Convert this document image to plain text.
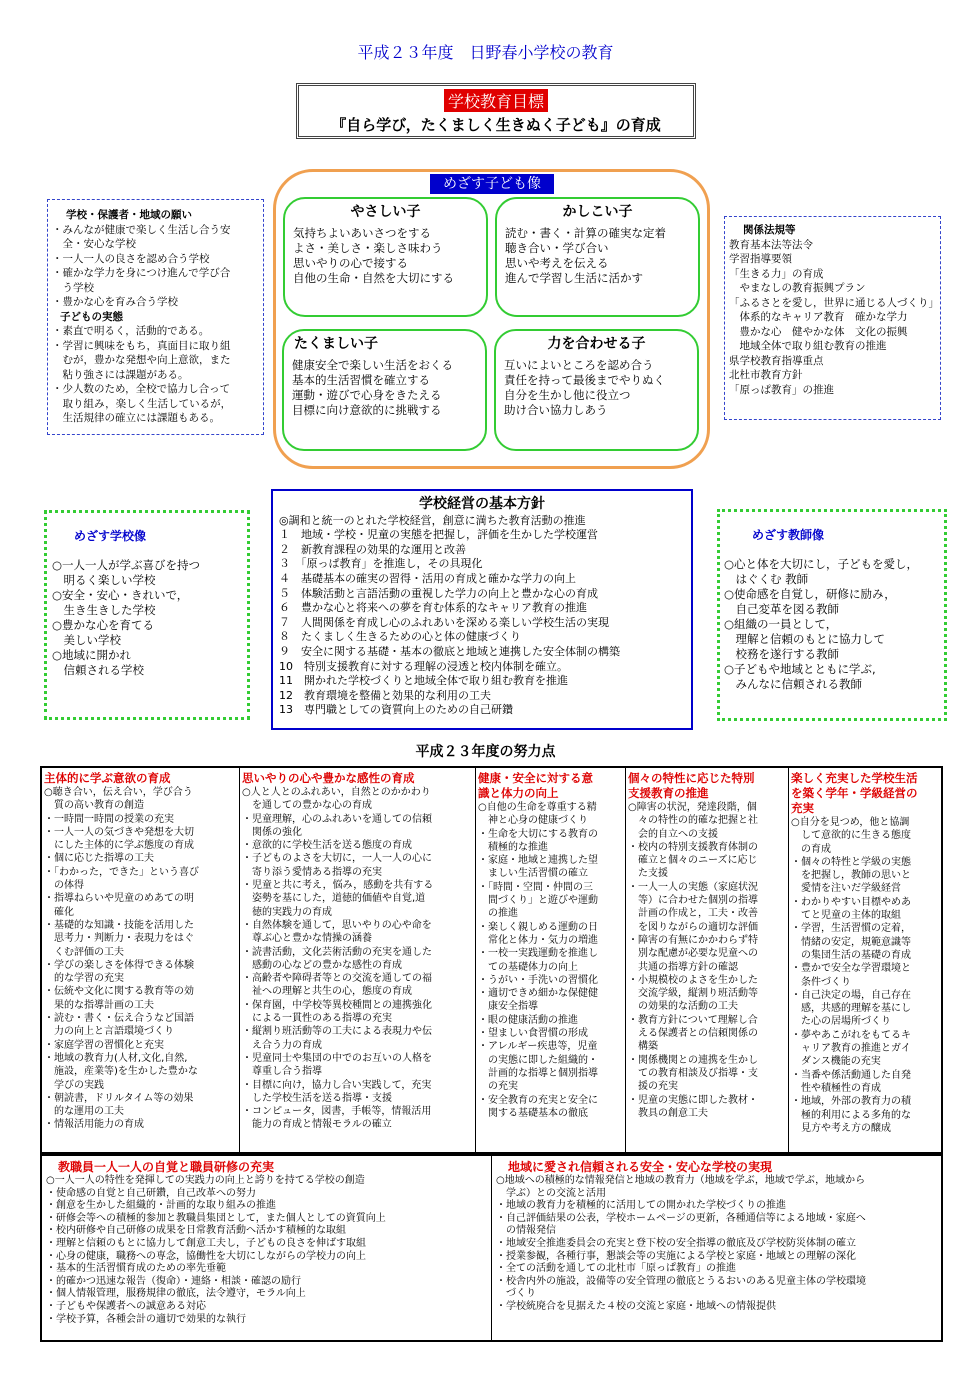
平成２３年度　日野春小学校の教育
学校教育目標
『自ら学び，たくましく生きぬく子ども』の育成
学校・保護者・地域の願い
・みんなが健康で楽しく生活し合う安
　全・安心な学校
・一人一人の良さを認め合う学校
・確かな学力を身につけ進んで学び合
　う学校
・豊かな心を育み合う学校
子どもの実態
・素直で明るく，活動的である。
・学習に興味をもち，真面目に取り組
　むが，豊かな発想や向上意欲，また
　粘り強さには課題がある。
・少人数のため，全校で協力し合って
　取り組み，楽しく生活しているが，
　生活規律の確立には課題もある。
めざす子ども像
やさしい子
気持ちよいあいさつをする
よさ・美しさ・楽しさ味わう
思いやりの心で接する
自他の生命・自然を大切にする
かしこい子
読む・書く・計算の確実な定着
聴き合い・学び合い
思いや考えを伝える
進んで学習し生活に活かす
たくましい子
健康安全で楽しい生活をおくる
基本的生活習慣を確立する
運動・遊びで心身をきたえる
目標に向け意欲的に挑戦する
力を合わせる子
互いによいところを認め合う
責任を持って最後までやりぬく
自分を生かし他に役立つ
助け合い協力しあう
関係法規等
教育基本法等法令
学習指導要領
「生きる力」の育成
　やまなしの教育振興プラン
「ふるさとを愛し，世界に通じる人づくり」
　体系的なキャリア教育　確かな学力
　豊かな心　健やかな体　文化の振興
　地域全体で取り組む教育の推進
県学校教育指導重点
北杜市教育方針
「原っぱ教育」の推進
めざす学校像
○一人一人が学ぶ喜びを持つ
　明るく楽しい学校
○安全・安心・きれいで，
　生き生きした学校
○豊かな心を育てる
　美しい学校
○地域に開かれ
　信頼される学校
学校経営の基本方針
◎調和と統一のとれた学校経営，創意に満ちた教育活動の推進
１　地域・学校・児童の実態を把握し，評価を生かした学校運営
２　新教育課程の効果的な運用と改善
３　「原っぱ教育」を推進し，その具現化
４　基礎基本の確実の習得・活用の育成と確かな学力の向上
５　体験活動と言語活動の重視した学力の向上と豊かな心の育成
６　豊かな心と将来への夢を育む体系的なキャリア教育の推進
７　人間関係を育成し心のふれあいを深める楽しい学校生活の実現
８　たくましく生きるための心と体の健康づくり
９　安全に関する基礎・基本の徹底と地域と連携した安全体制の構築
10　特別支援教育に対する理解の浸透と校内体制を確立。
11　開かれた学校づくりと地域全体で取り組む教育を推進
12　教育環境を整備と効果的な利用の工夫
13　専門職としての資質向上のための自己研鑽
めざす教師像
○心と体を大切にし，子どもを愛し，
　はぐくむ 教師
○使命感を自覚し，研修に励み，
　自己変革を図る教師
○組織の一員として，
　理解と信頼のもとに協力して
　校務を遂行する教師
○子どもや地域とともに学ぶ,
　みんなに信頼される教師
平成２３年度の努力点
主体的に学ぶ意欲の育成
○聴き合い，伝え合い，学び合う
　質の高い教育の創造
・一時間一時間の授業の充実
・一人一人の気づきや発想を大切
　にした主体的に学ぶ態度の育成
・個に応じた指導の工夫
・「わかった，できた」という喜び
　の体得
・指導ねらいや児童のめあての明
　確化
・基礎的な知識・技能を活用した
　思考力・判断力・表現力をはぐ
　くむ評価の工夫
・学びの楽しさを体得できる体験
　的な学習の充実
・伝統や文化に関する教育等の効
　果的な指導計画の工夫
・読む・書く・伝え合うなど国語
　力の向上と言語環境づくり
・家庭学習の習慣化と充実
・地域の教育力(人材,文化,自然,
　施設，産業等)を生かした豊かな
　学びの実践
・朝読書，ドリルタイム等の効果
　的な運用の工夫
・情報活用能力の育成
思いやりの心や豊かな感性の育成
○人と人とのふれあい，自然とのかかわり
　を通しての豊かな心の育成
・児童理解，心のふれあいを通しての信頼
　関係の強化
・意欲的に学校生活を送る態度の育成
・子どものよさを大切に，一人一人の心に
　寄り添う愛情ある指導の充実
・児童と共に考え，悩み，感動を共有する
　姿勢を基にした，道徳的価値や自覚,道
　徳的実践力の育成
・自然体験を通して，思いやりの心や命を
　尊ぶ心と豊かな情操の涵養
・読書活動，文化芸術活動の充実を通した
　感動の心などの豊かな感性の育成
・高齢者や障碍者等との交流を通しての福
　祉への理解と共生の心，態度の育成
・保育園，中学校等異校種間との連携強化
　による一貫性のある指導の充実
・縦割り班活動等の工夫による表現力や伝
　え合う力の育成
・児童同士や集団の中でのお互いの人格を
　尊重し合う指導
・目標に向け，協力し合い実践して，充実
　した学校生活を送る指導・支援
・コンピュータ，図書，手帳等，情報活用
　能力の育成と情報モラルの確立
健康・安全に対する意
識と体力の向上
○自他の生命を尊重する精
　神と心身の健康づくり
・生命を大切にする教育の
　積極的な推進
・家庭・地域と連携した望
　ましい生活習慣の確立
・「時間・空間・仲間の三
　間づくり」と遊びや運動
　の推進
・楽しく親しめる運動の日
　常化と体力・気力の増進
・一校一実践運動を推進し
　ての基礎体力の向上
・うがい・手洗いの習慣化
・適切できめ細かな保健健
　康安全指導
・眼の健康活動の推進
・望ましい食習慣の形成
・アレルギー疾患等，児童
　の実態に即した組織的・
　計画的な指導と個別指導
　の充実
・安全教育の充実と安全に
　関する基礎基本の徹底
個々の特性に応じた特別
支援教育の推進
○障害の状況，発達段階，個
　々の特性の的確な把握と社
　会的自立への支援
・校内の特別支援教育体制の
　確立と個々のニーズに応じ
　た支援
・一人一人の実態（家庭状況
　等）に合わせた個別の指導
　計画の作成と，工夫・改善
　を図りながらの適切な評価
・障害の有無にかかわらず特
　別な配慮が必要な児童への
　共通の指導方針の確認
・小規模校のよさを生かした
　交流学級，縦割り班活動等
　の効果的な活動の工夫
・教育方針について理解し合
　える保護者との信頼関係の
　構築
・関係機関との連携を生かし
　ての教育相談及び指導・支
　援の充実
・児童の実態に即した教材・
　教具の創意工夫
楽しく充実した学校生活
を築く学年・学級経営の
充実
○自分を見つめ，他と協調
　して意欲的に生きる態度
　の育成
・個々の特性と学級の実態
　を把握し，教師の思いと
　愛情を注いだ学級経営
・わかりやすい目標やめあ
　てと児童の主体的取組
・学習，生活習慣の定着，
　情緒の安定，規範意識等
　の集団生活の基礎の育成
・豊かで安全な学習環境と
　条件づくり
・自己決定の場，自己存在
　感，共感的理解を基にし
　た心の居場所づくり
・夢やあこがれをもてるキ
　ャリア教育の推進とガイ
　ダンス機能の充実
・当番や係活動通した自発
　性や積極性の育成
・地域，外部の教育力の積
　極的利用による多角的な
　見方や考え方の醸成
教職員一人一人の自覚と職員研修の充実
○一人一人の特性を発揮しての実践力の向上と誇りを持てる学校の創造
・使命感の自覚と自己研鑽，自己改革への努力
・創意を生かした組織的・計画的な取り組みの推進
・研修会等への積極的参加と教職員集団として，また個人としての資質向上
・校内研修や自己研修の成果を日常教育活動へ活かす積極的な取組
・理解と信頼のもとに協力して創意工夫し，子どもの良さを伸ばす取組
・心身の健康，職務への専念，協働性を大切にしながらの学校力の向上
・基本的生活習慣育成のための率先垂範
・的確かつ迅速な報告（復命）・連絡・相談・確認の励行
・個人情報管理，服務規律の徹底，法令遵守，モラル向上
・子どもや保護者への誠意ある対応
・学校予算，各種会計の適切で効果的な執行
地域に愛され信頼される安全・安心な学校の実現
○地域への積極的な情報発信と地域の教育力（地域を学ぶ，地域で学ぶ，地域から
　学ぶ）との交流と活用
・地域の教育力を積極的に活用しての開かれた学校づくりの推進
・自己評価結果の公表，学校ホームページの更新，各種通信等による地域・家庭へ
　の情報発信
・地域安全推進委員会の充実と登下校の安全指導の徹底及び学校防災体制の確立
・授業参観，各種行事，懇談会等の実施による学校と家庭・地域との理解の深化
・全ての活動を通しての北杜市「原っぱ教育」の推進
・校舎内外の施設，設備等の安全管理の徹底とうるおいのある児童主体の学校環境
　づくり
・学校統廃合を見据えた４校の交流と家庭・地域への情報提供
